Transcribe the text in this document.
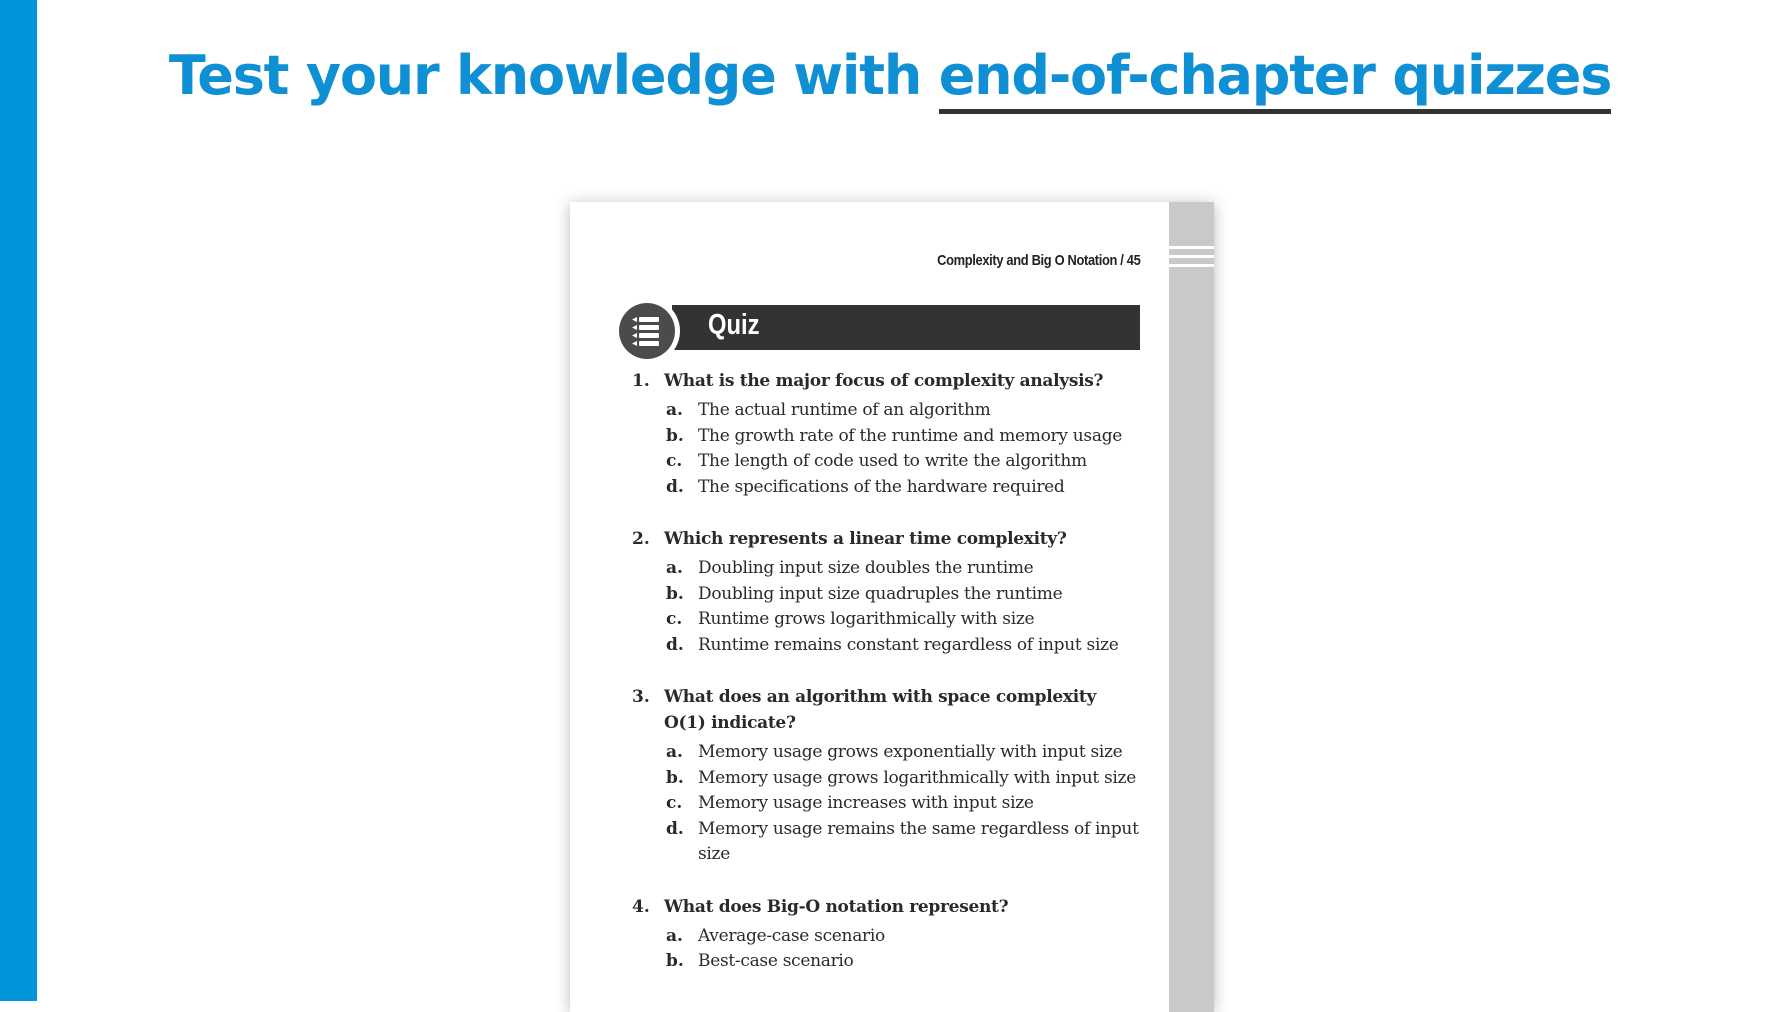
Test your knowledge with end-of-chapter quizzes
Complexity and Big O Notation / 45
Quiz
1. What is the major focus of complexity analysis?
a. The actual runtime of an algorithm
b. The growth rate of the runtime and memory usage
c. The length of code used to write the algorithm
d. The specifications of the hardware required
2. Which represents a linear time complexity?
a. Doubling input size doubles the runtime
b. Doubling input size quadruples the runtime
c. Runtime grows logarithmically with size
d. Runtime remains constant regardless of input size
3. What does an algorithm with space complexity O(1) indicate?
a. Memory usage grows exponentially with input size
b. Memory usage grows logarithmically with input size
c. Memory usage increases with input size
d. Memory usage remains the same regardless of input size
4. What does Big-O notation represent?
a. Average-case scenario
b. Best-case scenario
